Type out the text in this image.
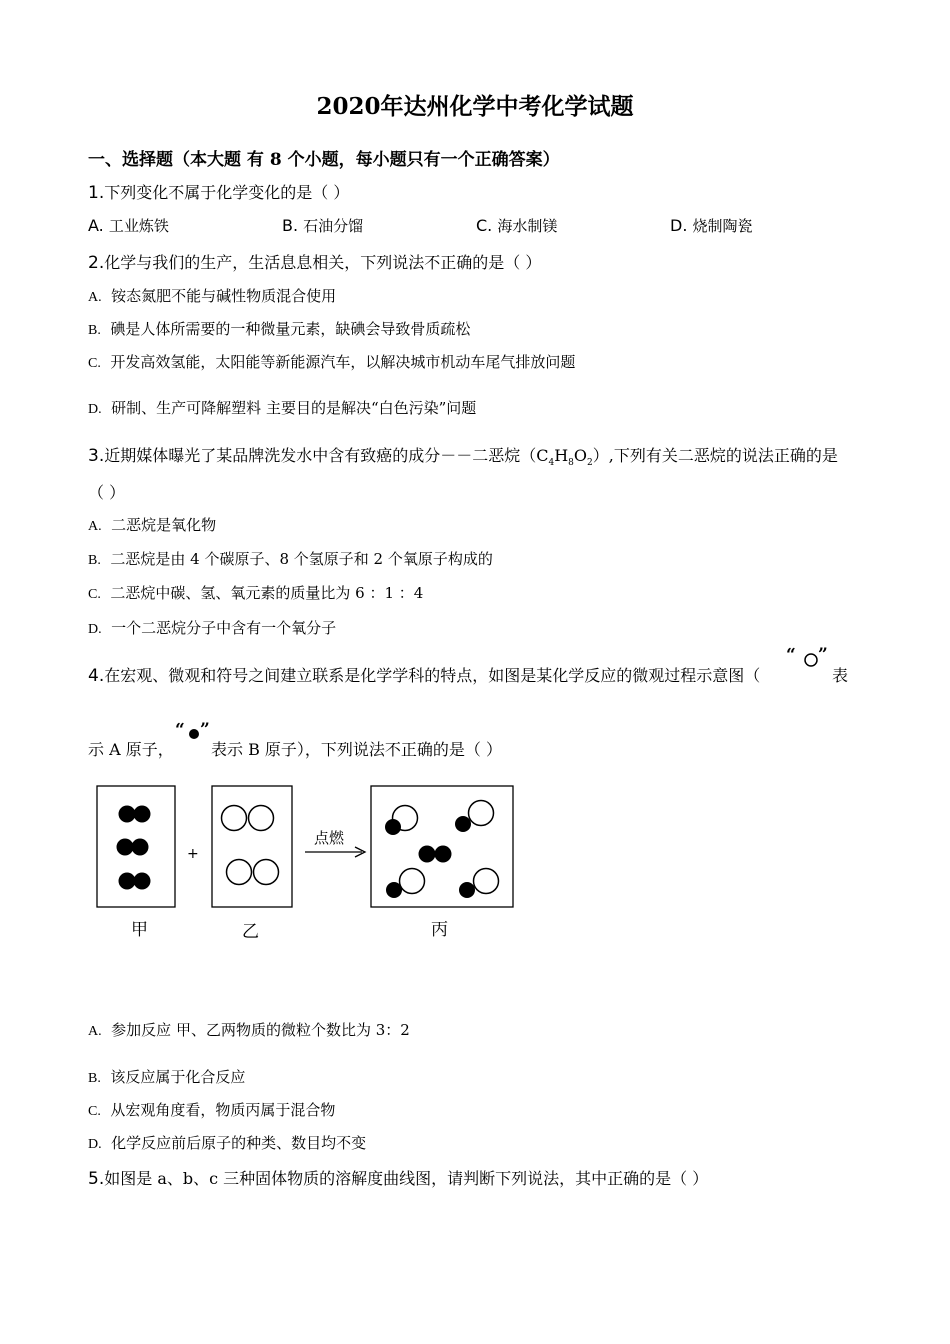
2020年达州化学中考化学试题
一、选择题（本大题 有 8 个小题，每小题只有一个正确答案）
1.下列变化不属于化学变化的是（ ）
A. 工业炼铁	B. 石油分馏	C. 海水制镁	D. 烧制陶瓷
2.化学与我们的生产，生活息息相关，下列说法不正确的是（ ）
A. 铵态氮肥不能与碱性物质混合使用
B. 碘是人体所需要的一种微量元素，缺碘会导致骨质疏松
C. 开发高效氢能，太阳能等新能源汽车，以解决城市机动车尾气排放问题
D. 研制、生产可降解塑料 主要目的是解决“白色污染”问题
3.近期媒体曝光了某品牌洗发水中含有致癌的成分－－二恶烷$(C_4H_8O_2)$,下列有关二恶烷的说法正确的是
（ ）
A. 二恶烷是氧化物
B. 二恶烷是由 4 个碳原子、8 个氢原子和 2 个氧原子构成的
C. 二恶烷中碳、氢、氧元素的质量比为 6 ：1 ：4
D. 一个二恶烷分子中含有一个氧分子
4.在宏观、微观和符号之间建立联系是化学学科的特点，如图是某化学反应的微观过程示意图（
“ ”
表
示 A 原子，
“ ”
表示 B 原子），下列说法不正确的是（ ）
+
点燃
甲	乙	丙
A. 参加反应 甲、乙两物质的微粒个数比为 3：2
B. 该反应属于化合反应
C. 从宏观角度看，物质丙属于混合物
D. 化学反应前后原子的种类、数目均不变
5.如图是 a、b、c 三种固体物质的溶解度曲线图，请判断下列说法，其中正确的是（ ）
